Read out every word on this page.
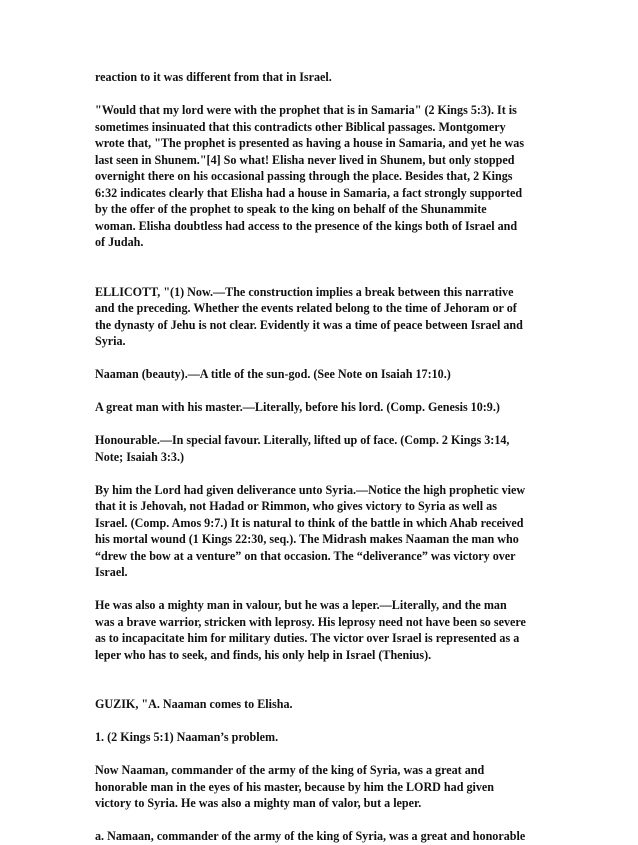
reaction to it was different from that in Israel.

"Would that my lord were with the prophet that is in Samaria" (2 Kings 5:3). It is
sometimes insinuated that this contradicts other Biblical passages. Montgomery
wrote that, "The prophet is presented as having a house in Samaria, and yet he was
last seen in Shunem."[4] So what! Elisha never lived in Shunem, but only stopped
overnight there on his occasional passing through the place. Besides that, 2 Kings
6:32 indicates clearly that Elisha had a house in Samaria, a fact strongly supported
by the offer of the prophet to speak to the king on behalf of the Shunammite
woman. Elisha doubtless had access to the presence of the kings both of Israel and
of Judah.

ELLICOTT, "(1) Now.—The construction implies a break between this narrative
and the preceding. Whether the events related belong to the time of Jehoram or of
the dynasty of Jehu is not clear. Evidently it was a time of peace between Israel and
Syria.

Naaman (beauty).—A title of the sun-god. (See Note on Isaiah 17:10.)

A great man with his master.—Literally, before his lord. (Comp. Genesis 10:9.)

Honourable.—In special favour. Literally, lifted up of face. (Comp. 2 Kings 3:14,
Note; Isaiah 3:3.)

By him the Lord had given deliverance unto Syria.—Notice the high prophetic view
that it is Jehovah, not Hadad or Rimmon, who gives victory to Syria as well as
Israel. (Comp. Amos 9:7.) It is natural to think of the battle in which Ahab received
his mortal wound (1 Kings 22:30, seq.). The Midrash makes Naaman the man who
“drew the bow at a venture” on that occasion. The “deliverance” was victory over
Israel.

He was also a mighty man in valour, but he was a leper.—Literally, and the man
was a brave warrior, stricken with leprosy. His leprosy need not have been so severe
as to incapacitate him for military duties. The victor over Israel is represented as a
leper who has to seek, and finds, his only help in Israel (Thenius).

GUZIK, "A. Naaman comes to Elisha.

1. (2 Kings 5:1) Naaman’s problem.

Now Naaman, commander of the army of the king of Syria, was a great and
honorable man in the eyes of his master, because by him the LORD had given
victory to Syria. He was also a mighty man of valor, but a leper.

a. Namaan, commander of the army of the king of Syria, was a great and honorable
